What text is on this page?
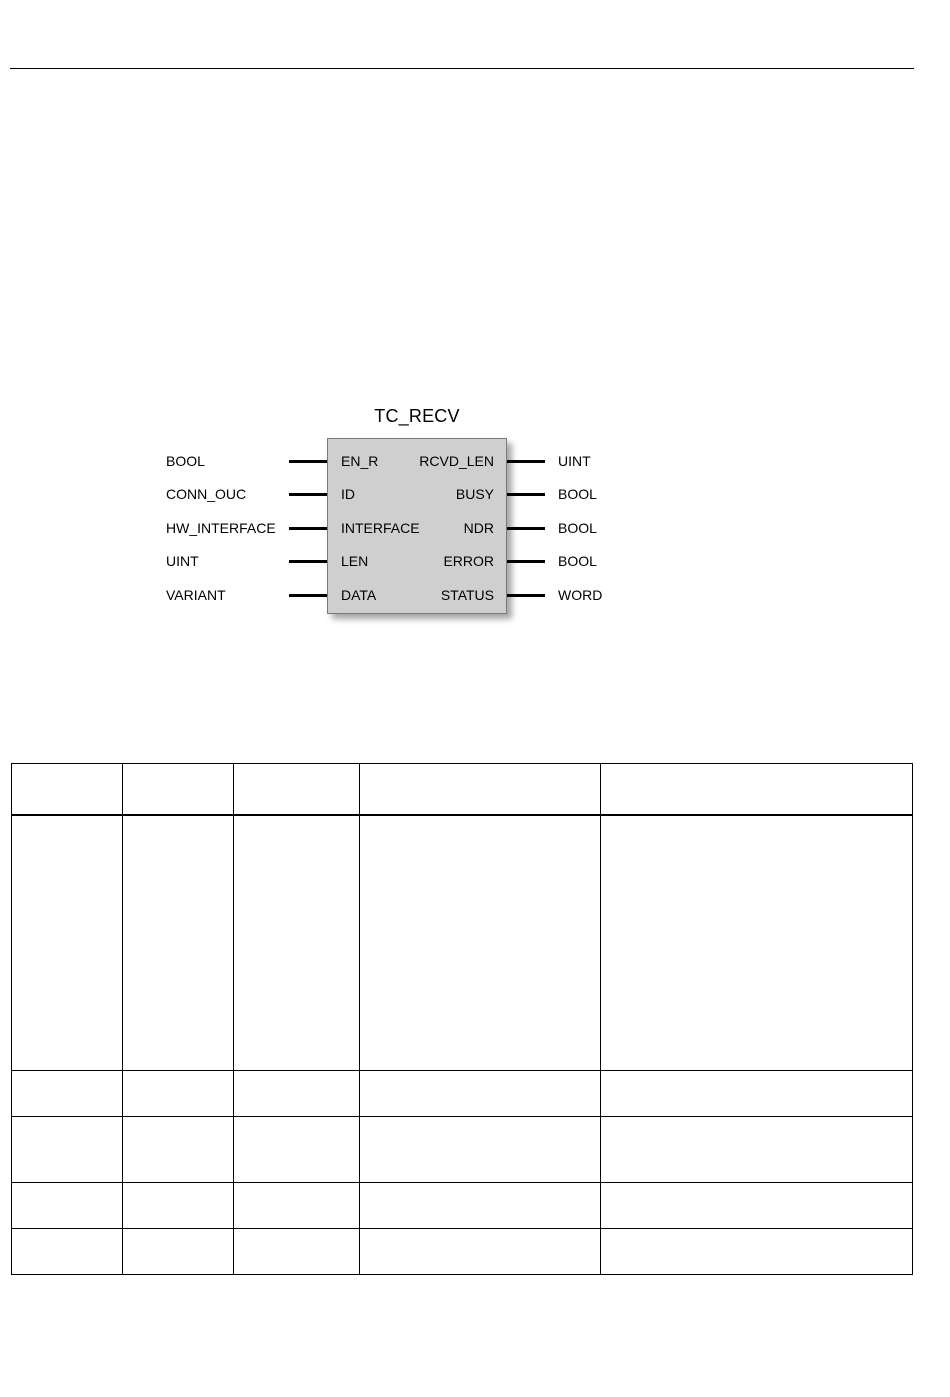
TC_RECV
BOOL	EN_R	RCVD_LEN	UINT
CONN_OUC	ID	BUSY	BOOL
HW_INTERFACE	INTERFACE	NDR	BOOL
UINT	LEN	ERROR	BOOL
VARIANT	DATA	STATUS	WORD
